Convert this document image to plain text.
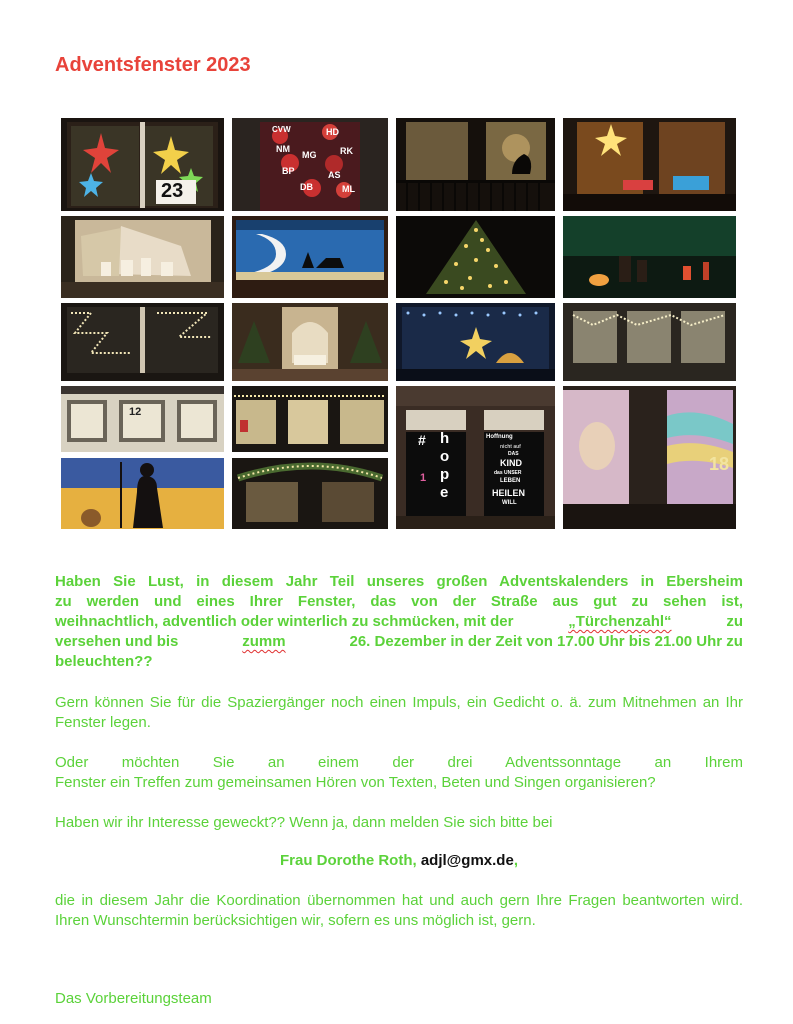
Adventsfenster 2023
23
CVW	HD
NM
MG	RK
BP	AS
DB	ML
12
# h
o
p
e
1
Hoffnung
nicht auf
DAS
KIND
das UNSER
LEBEN
HEILEN
WILL
18
Haben Sie Lust, in diesem Jahr Teil unseres großen Adventskalenders in Ebersheim
zu werden und eines Ihrer Fenster, das von der Straße aus gut zu sehen ist,
weihnachtlich, adventlich oder winterlich zu schmücken, mit der	„Türchenzahl“	zu
versehen und bis	zumm	26. Dezember in der Zeit von 17.00 Uhr bis 21.00 Uhr zu
beleuchten??
Gern können Sie für die Spaziergänger noch einen Impuls, ein Gedicht o. ä. zum Mitnehmen an Ihr Fenster legen.
Oder möchten Sie an einem der drei Adventssonntage an Ihrem
Fenster ein Treffen zum gemeinsamen Hören von Texten, Beten und Singen organisieren?
Haben wir ihr Interesse geweckt?? Wenn ja, dann melden Sie sich bitte bei
Frau Dorothe Roth, adjl@gmx.de,
die in diesem Jahr die Koordination übernommen hat und auch gern Ihre Fragen beantworten wird. Ihren Wunschtermin berücksichtigen wir, sofern es uns möglich ist, gern.
Das Vorbereitungsteam
